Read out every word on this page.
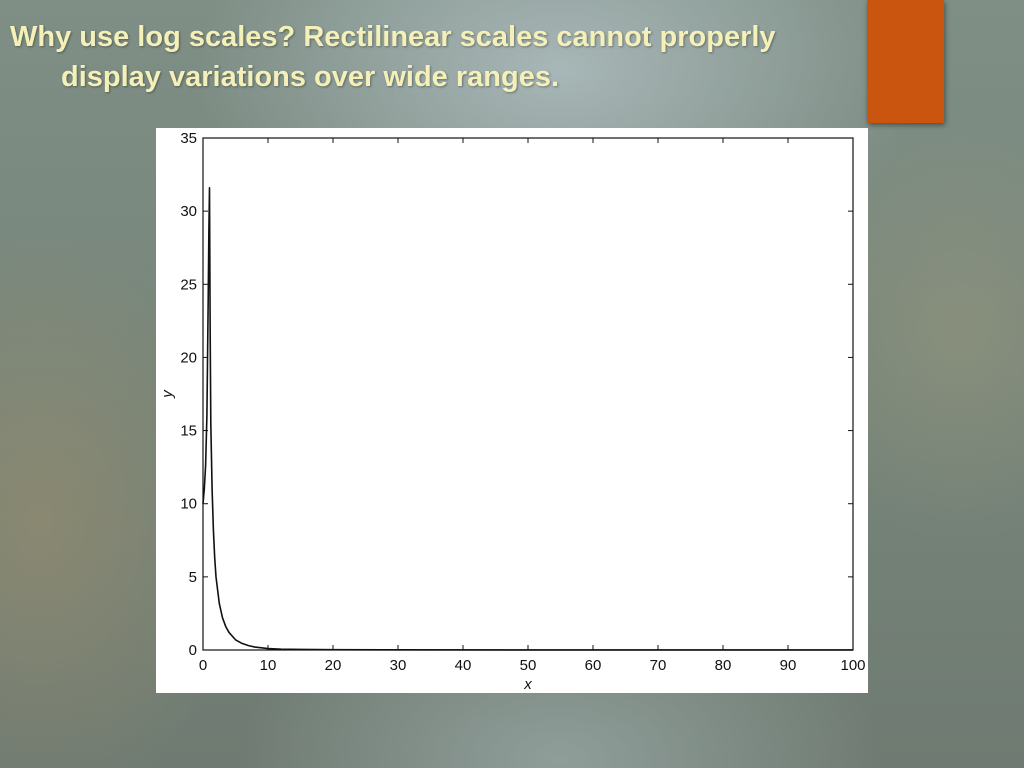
Why use log scales? Rectilinear scales cannot properly
display variations over wide ranges.
0	10	20	30	40	50	60	70	80	90	100
0
5
10
15
20
25
30
35
x
y
